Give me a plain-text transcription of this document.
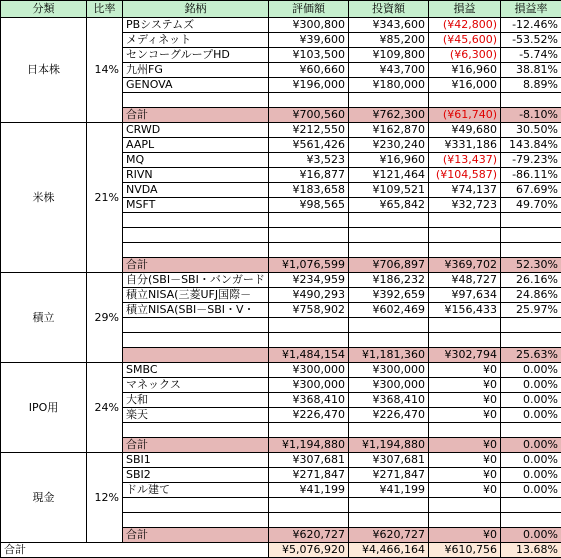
分類	比率	銘柄	評価額	投資額	損益	損益率
日本株	14%	PBシステムズ	¥300,800	¥343,600	(¥42,800)	-12.46%
		メディネット	¥39,600	¥85,200	(¥45,600)	-53.52%
		センコーグループHD	¥103,500	¥109,800	(¥6,300)	-5.74%
		九州FG	¥60,660	¥43,700	¥16,960	38.81%
		GENOVA	¥196,000	¥180,000	¥16,000	8.89%

		合計	¥700,560	¥762,300	(¥61,740)	-8.10%
米株	21%	CRWD	¥212,550	¥162,870	¥49,680	30.50%
		AAPL	¥561,426	¥230,240	¥331,186	143.84%
		MQ	¥3,523	¥16,960	(¥13,437)	-79.23%
		RIVN	¥16,877	¥121,464	(¥104,587)	-86.11%
		NVDA	¥183,658	¥109,521	¥74,137	67.69%
		MSFT	¥98,565	¥65,842	¥32,723	49.70%

		合計	¥1,076,599	¥706,897	¥369,702	52.30%
積立	29%	自分(SBI－SBI・バンガード	¥234,959	¥186,232	¥48,727	26.16%
		積立NISA(三菱UFJ国際－	¥490,293	¥392,659	¥97,634	24.86%
		積立NISA(SBI－SBI・V・	¥758,902	¥602,469	¥156,433	25.97%

			¥1,484,154	¥1,181,360	¥302,794	25.63%
IPO用	24%	SMBC	¥300,000	¥300,000	¥0	0.00%
		マネックス	¥300,000	¥300,000	¥0	0.00%
		大和	¥368,410	¥368,410	¥0	0.00%
		楽天	¥226,470	¥226,470	¥0	0.00%

		合計	¥1,194,880	¥1,194,880	¥0	0.00%
現金	12%	SBI1	¥307,681	¥307,681	¥0	0.00%
		SBI2	¥271,847	¥271,847	¥0	0.00%
		ドル建て	¥41,199	¥41,199	¥0	0.00%

		合計	¥620,727	¥620,727	¥0	0.00%
合計			¥5,076,920	¥4,466,164	¥610,756	13.68%
